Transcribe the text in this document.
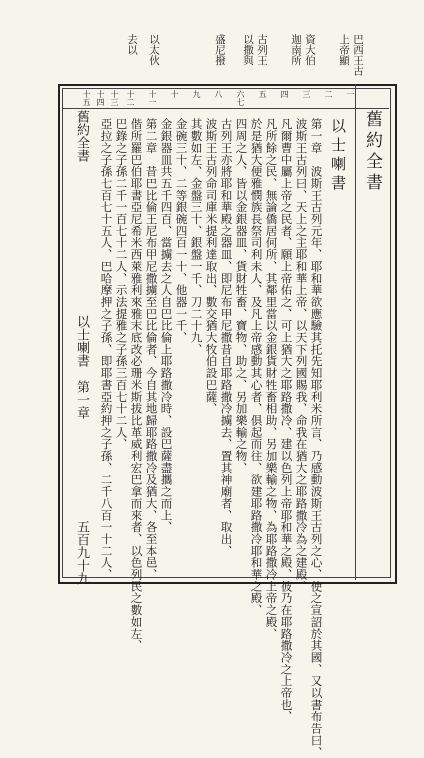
巴西王古
上帝顯
資大伯
迦南所
古列王
以撒與
盛尼撥
以太伙
去以
一
二
三
四
五
六七
八
九
十
十一
十二
十三
十四
十五
舊約全書
以士喇書
第一章　波斯王古列元年、耶和華欲應驗其托先知耶利米所言、乃感動波斯王古列之心、使之宣詔於其國、又以書布告曰、
波斯王古列曰、天上之主耶和華上帝、以天下列國賜我、命我在猶大之耶路撒冷為之建殿、
凡爾曹中屬上帝之民者、願上帝佑之、可上猶大之耶路撒冷、建以色列上帝耶和華之殿、彼乃在耶路撒冷之上帝也、
凡所餘之民、無論僑居何所、其鄰里當以金銀貨財牲畜相助、另加樂輸之物、為耶路撒冷上帝之殿、
於是猶大便雅憫族長祭司利未人、及凡上帝感動其心者、俱起而往、欲建耶路撒冷耶和華之殿、
四周之人、皆以金銀器皿、貨財牲畜、寶物、助之、另加樂輸之物、
古列王亦將耶和華殿之器皿、即尼布甲尼撒昔自耶路撒冷擄去、置其神廟者、取出、
波斯王古列命司庫米提利達取出、數交猶大牧伯設巴薩、
其數如左、金盤三十、銀盤一千、刀二十九、
金碗三十、二等銀碗四百一十、他器一千、
金銀器皿共五千四百、當擄去之人自巴比倫上耶路撒冷時、設巴薩盡攜之而上、
第二章　昔巴比倫王尼布甲尼撒擄至巴比倫者、今自其地歸耶路撒冷及猶大、各至本邑、
偕所羅巴伯耶書亞尼希米西萊雅利來雅末底改必珊米斯拔比革威利宏巴拿而來者、以色列民之數如左、
巴錄之子孫二千一百七十二人、示法提雅之子孫三百七十二人、
亞拉之子孫七百七十五人、巴哈摩押之子孫、即耶書亞約押之子孫、二千八百一十二人、
舊約全書
以士喇書　第一章
五百九十九
